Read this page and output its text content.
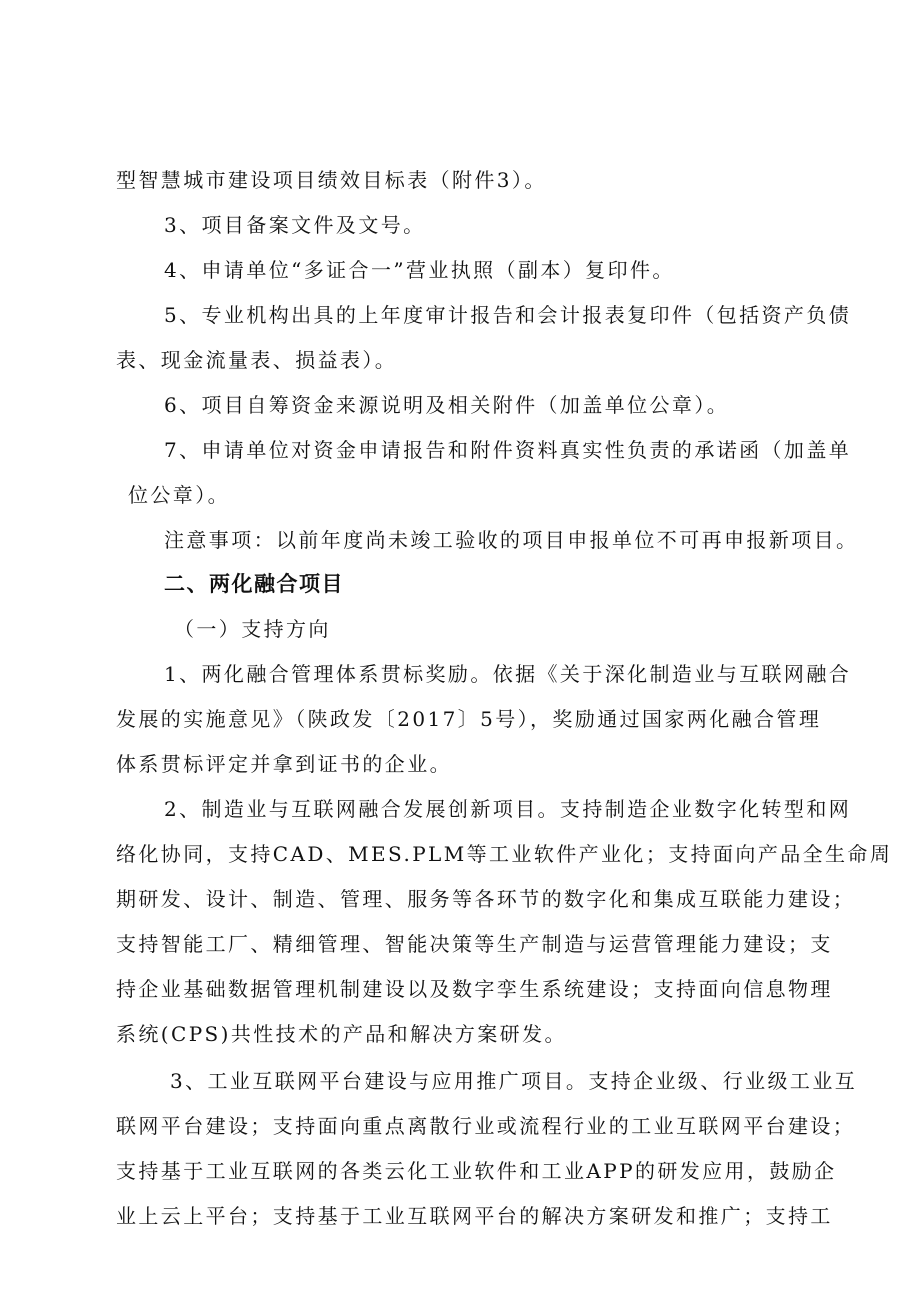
型智慧城市建设项目绩效目标表（附件3）。
3、项目备案文件及文号。
4、申请单位“多证合一”营业执照（副本）复印件。
5、专业机构出具的上年度审计报告和会计报表复印件（包括资产负债
表、现金流量表、损益表）。
6、项目自筹资金来源说明及相关附件（加盖单位公章）。
7、申请单位对资金申请报告和附件资料真实性负责的承诺函（加盖单
位公章）。
注意事项：以前年度尚未竣工验收的项目申报单位不可再申报新项目。
二、两化融合项目
（一）支持方向
1、两化融合管理体系贯标奖励。依据《关于深化制造业与互联网融合
发展的实施意见》（陕政发〔2017〕5号），奖励通过国家两化融合管理
体系贯标评定并拿到证书的企业。
2、制造业与互联网融合发展创新项目。支持制造企业数字化转型和网
络化协同，支持CAD、MES.PLM等工业软件产业化；支持面向产品全生命周
期研发、设计、制造、管理、服务等各环节的数字化和集成互联能力建设；
支持智能工厂、精细管理、智能决策等生产制造与运营管理能力建设；支
持企业基础数据管理机制建设以及数字孪生系统建设；支持面向信息物理
系统(CPS)共性技术的产品和解决方案研发。
3、工业互联网平台建设与应用推广项目。支持企业级、行业级工业互
联网平台建设；支持面向重点离散行业或流程行业的工业互联网平台建设；
支持基于工业互联网的各类云化工业软件和工业APP的研发应用，鼓励企
业上云上平台；支持基于工业互联网平台的解决方案研发和推广；支持工
